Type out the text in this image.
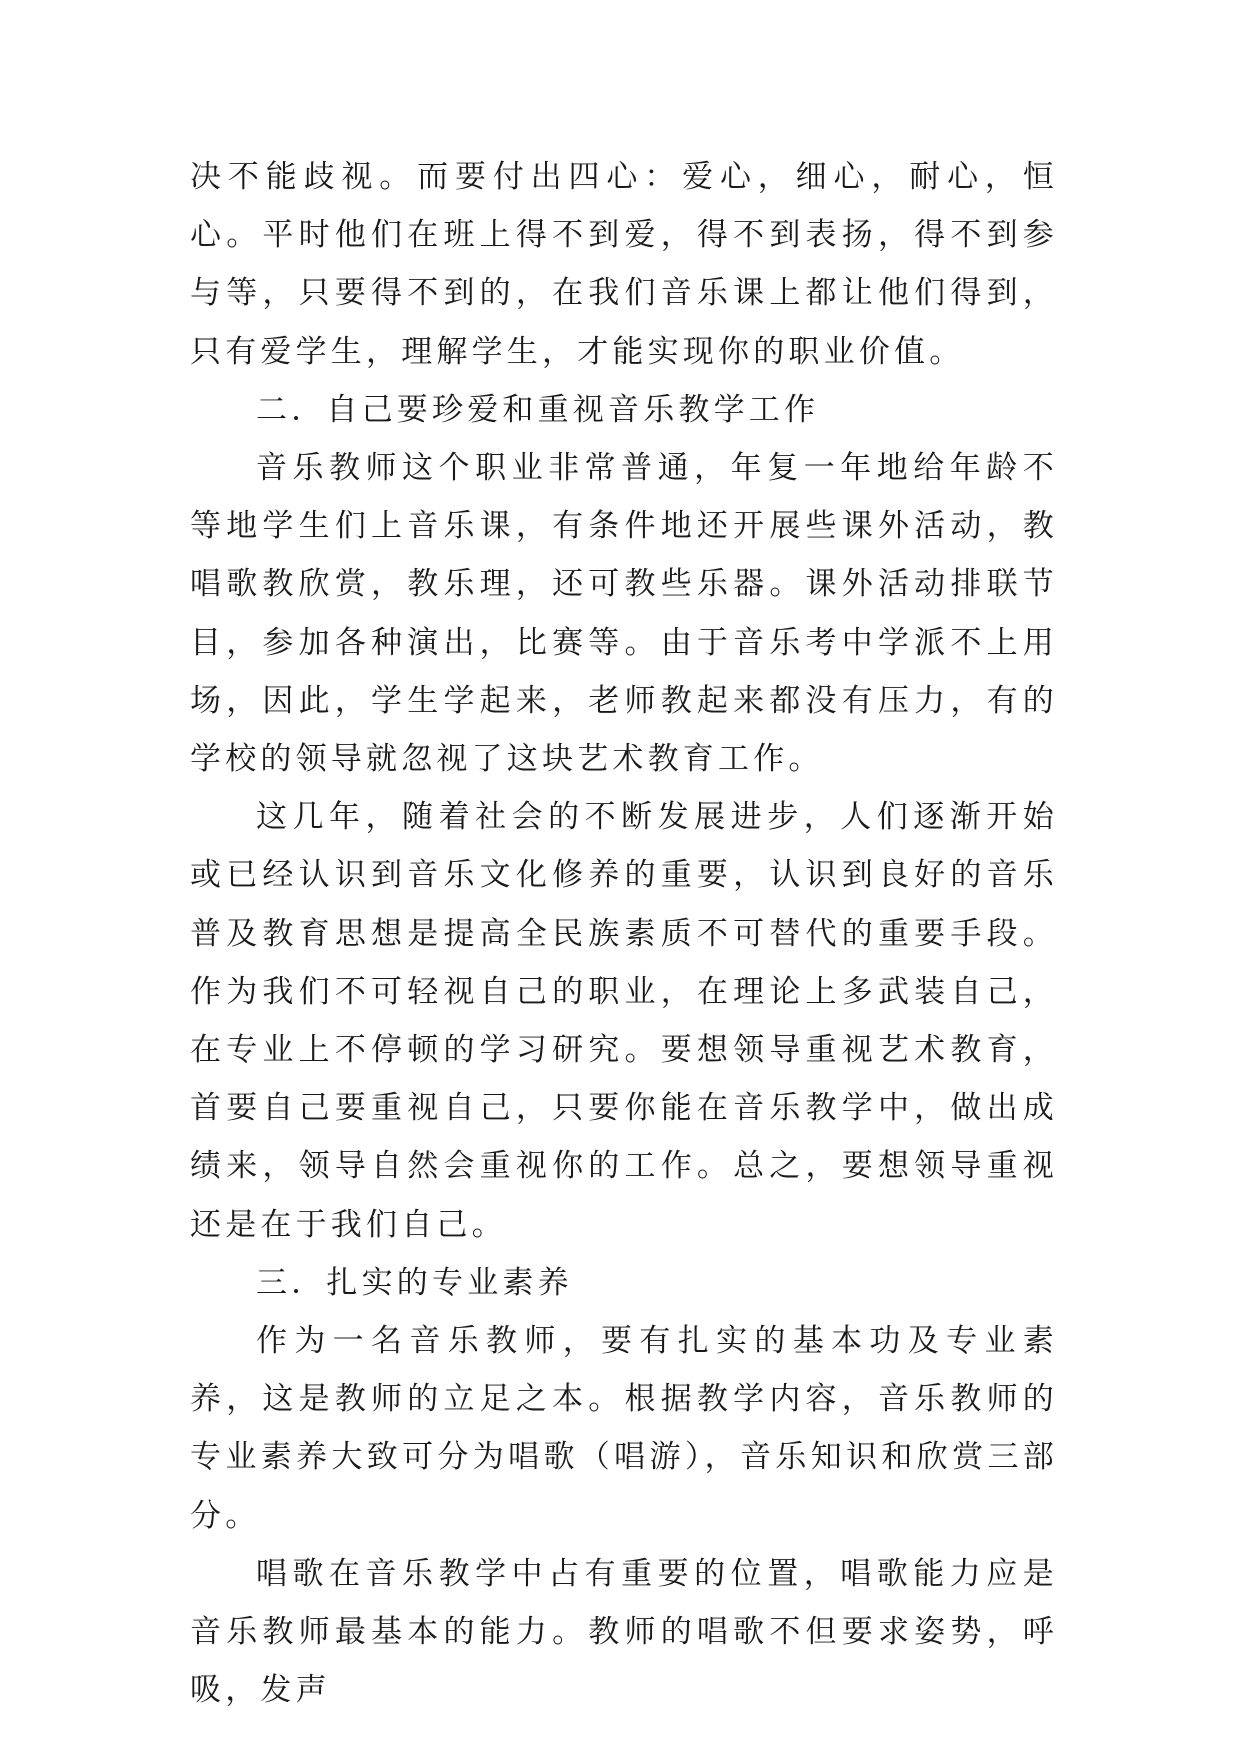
决不能歧视。而要付出四心：爱心，细心，耐心，恒心。平时他们在班上得不到爱，得不到表扬，得不到参与等，只要得不到的，在我们音乐课上都让他们得到，只有爱学生，理解学生，才能实现你的职业价值。

二．自己要珍爱和重视音乐教学工作

音乐教师这个职业非常普通，年复一年地给年龄不等地学生们上音乐课，有条件地还开展些课外活动，教唱歌教欣赏，教乐理，还可教些乐器。课外活动排联节目，参加各种演出，比赛等。由于音乐考中学派不上用场，因此，学生学起来，老师教起来都没有压力，有的学校的领导就忽视了这块艺术教育工作。

这几年，随着社会的不断发展进步，人们逐渐开始或已经认识到音乐文化修养的重要，认识到良好的音乐普及教育思想是提高全民族素质不可替代的重要手段。作为我们不可轻视自己的职业，在理论上多武装自己，在专业上不停顿的学习研究。要想领导重视艺术教育，首要自己要重视自己，只要你能在音乐教学中，做出成绩来，领导自然会重视你的工作。总之，要想领导重视还是在于我们自己。

三．扎实的专业素养

作为一名音乐教师，要有扎实的基本功及专业素养，这是教师的立足之本。根据教学内容，音乐教师的专业素养大致可分为唱歌（唱游），音乐知识和欣赏三部分。

唱歌在音乐教学中占有重要的位置，唱歌能力应是音乐教师最基本的能力。教师的唱歌不但要求姿势，呼吸，发声
